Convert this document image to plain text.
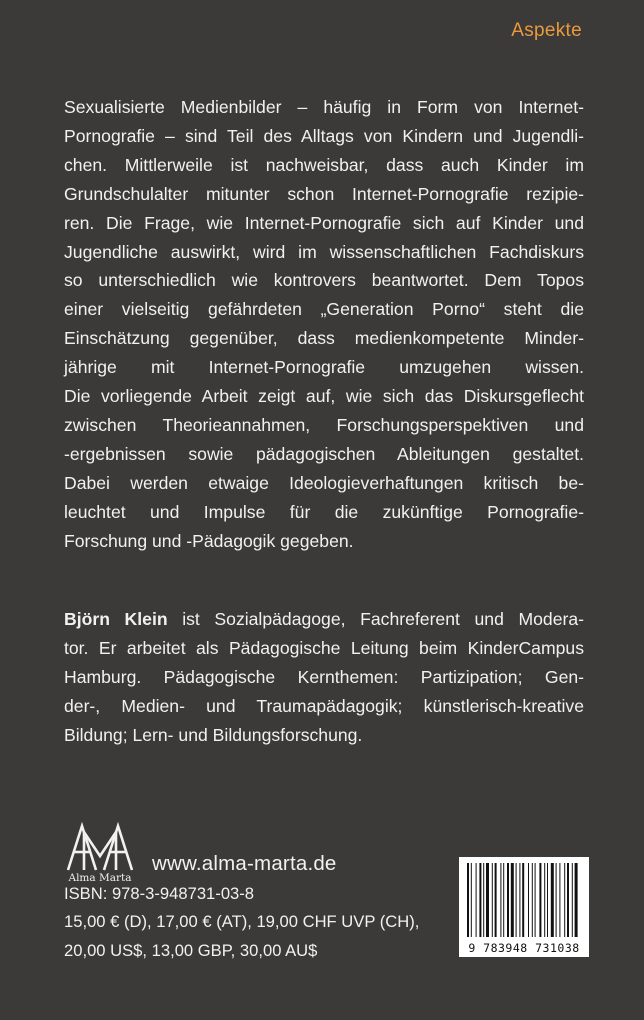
Aspekte
Sexualisierte Medienbilder – häufig in Form von Internet-
Pornografie – sind Teil des Alltags von Kindern und Jugendli-
chen. Mittlerweile ist nachweisbar, dass auch Kinder im
Grundschulalter mitunter schon Internet-Pornografie rezipie-
ren. Die Frage, wie Internet-Pornografie sich auf Kinder und
Jugendliche auswirkt, wird im wissenschaftlichen Fachdiskurs
so unterschiedlich wie kontrovers beantwortet. Dem Topos
einer vielseitig gefährdeten „Generation Porno“ steht die
Einschätzung gegenüber, dass medienkompetente Minder-
jährige mit Internet-Pornografie umzugehen wissen.
Die vorliegende Arbeit zeigt auf, wie sich das Diskursgeflecht
zwischen Theorieannahmen, Forschungsperspektiven und
-ergebnissen sowie pädagogischen Ableitungen gestaltet.
Dabei werden etwaige Ideologieverhaftungen kritisch be-
leuchtet und Impulse für die zukünftige Pornografie-
Forschung und -Pädagogik gegeben.
Björn Klein ist Sozialpädagoge, Fachreferent und Modera-
tor. Er arbeitet als Pädagogische Leitung beim KinderCampus
Hamburg. Pädagogische Kernthemen: Partizipation; Gen-
der-, Medien- und Traumapädagogik; künstlerisch-kreative
Bildung; Lern- und Bildungsforschung.
Alma Marta
www.alma-marta.de
ISBN: 978-3-948731-03-8
15,00 € (D), 17,00 € (AT), 19,00 CHF UVP (CH),
20,00 US$, 13,00 GBP, 30,00 AU$	9 783948 731038
